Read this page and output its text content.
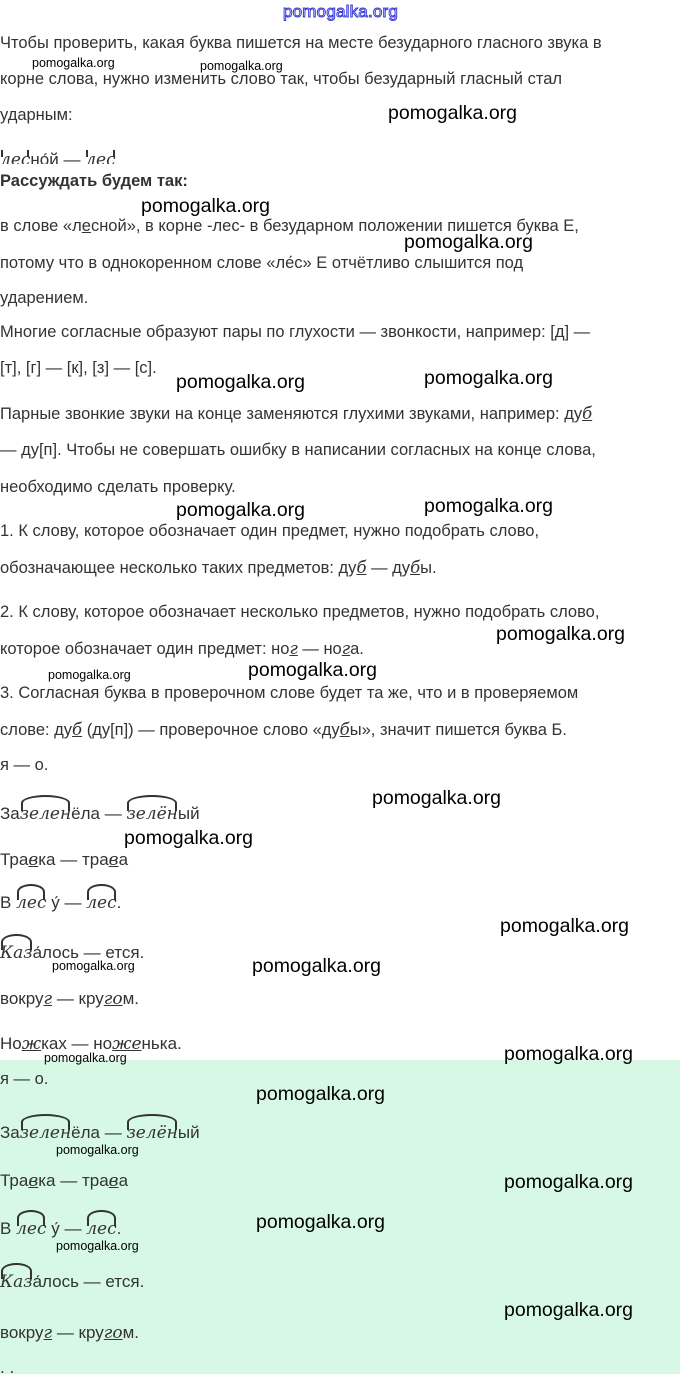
pomogalka.org
Чтобы проверить, какая буква пишется на месте безударного гласного звука в
корне слова, нужно изменить слово так, чтобы безударный гласный стал
ударным:
лесно́й — лес
Рассуждать будем так:
в слове «лесной», в корне -лес- в безударном положении пишется буква Е,
потому что в однокоренном слове «ле́с» Е отчётливо слышится под
ударением.
Многие согласные образуют пары по глухости — звонкости, например: [д] —
[т], [г] — [к], [з] — [с].
Парные звонкие звуки на конце заменяются глухими звуками, например: дуб
— ду[п]. Чтобы не совершать ошибку в написании согласных на конце слова,
необходимо сделать проверку.
1. К слову, которое обозначает один предмет, нужно подобрать слово,
обозначающее несколько таких предметов: дуб — дубы.
2. К слову, которое обозначает несколько предметов, нужно подобрать слово,
которое обозначает один предмет: ног — нога.
3. Согласная буква в проверочном слове будет та же, что и в проверяемом
слове: дуб (ду[п]) — проверочное слово «дубы», значит пишется буква Б.
я — о.
Зазеленёла — зелёный
Травка — трава
В лес у́ — лес.
Каза́лось — ется.
вокруг — кругом.
Ножках — ноженька.
я — о.
Зазеленёла — зелёный
Травка — трава
В лес у́ — лес.
Каза́лось — ется.
вокруг — кругом.
. .
pomogalka.org
pomogalka.org
pomogalka.org
pomogalka.org	pomogalka.org
pomogalka.org	pomogalka.org
pomogalka.org
pomogalka.org
pomogalka.org
pomogalka.org
pomogalka.org
pomogalka.org
pomogalka.org
pomogalka.org
pomogalka.org
pomogalka.org
pomogalka.org
pomogalka.org	pomogalka.org
pomogalka.org
pomogalka.org
pomogalka.org
pomogalka.org
pomogalka.org
